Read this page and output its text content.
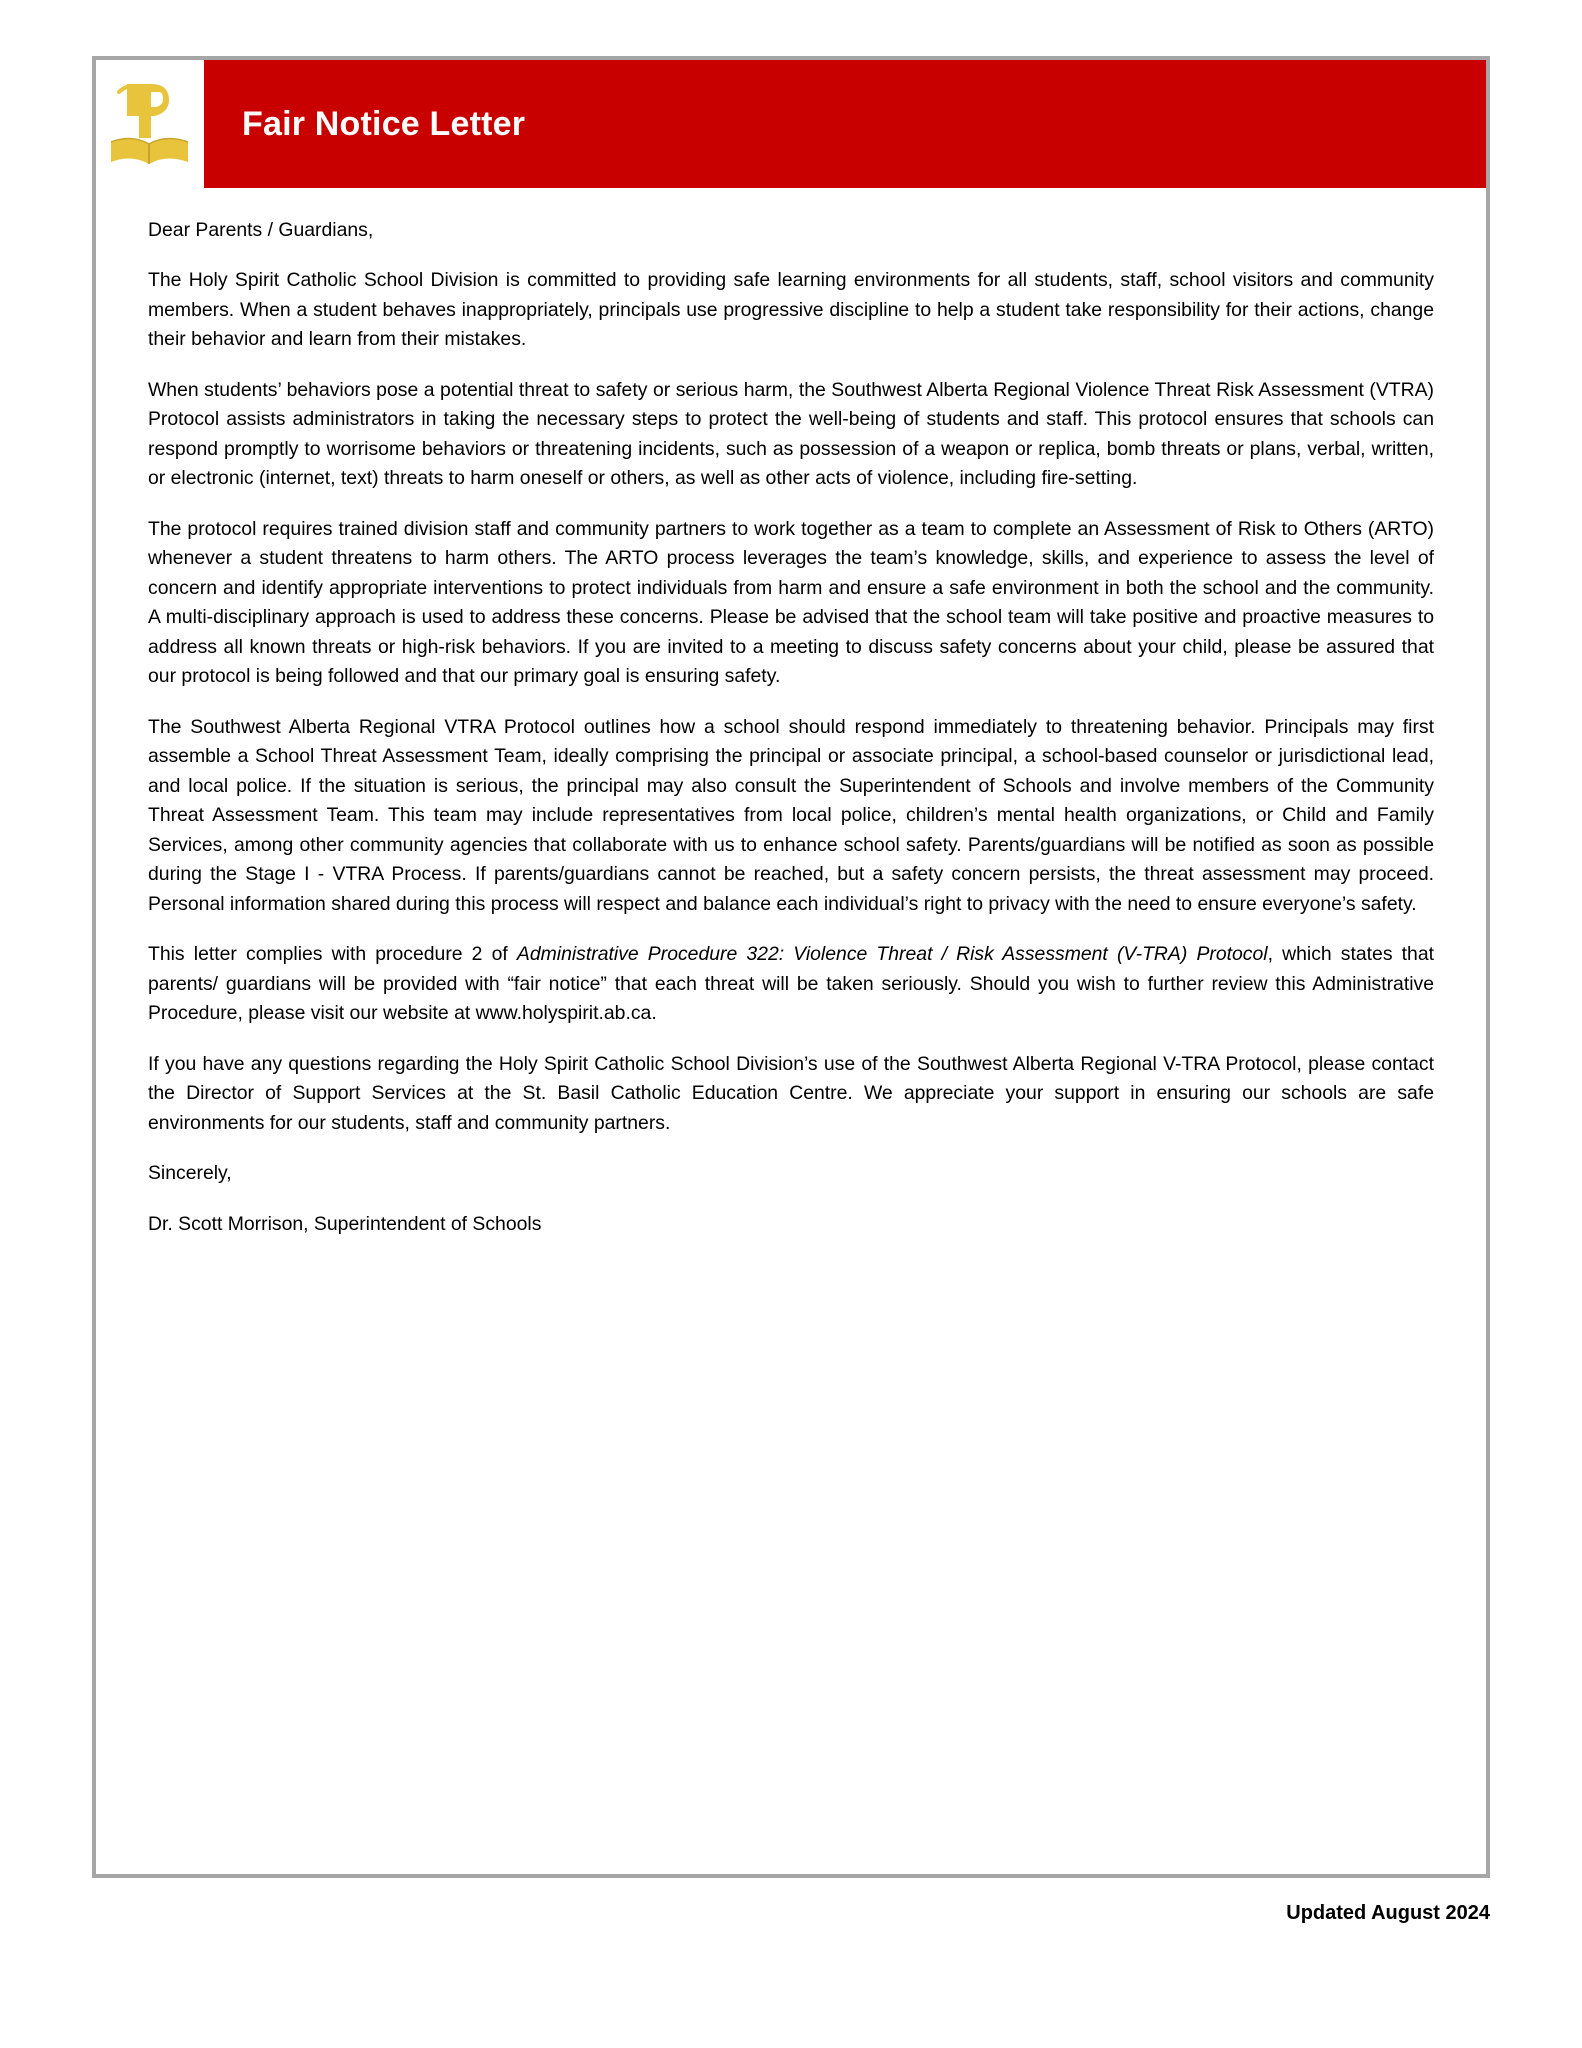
Fair Notice Letter

Dear Parents / Guardians,

The Holy Spirit Catholic School Division is committed to providing safe learning environments for all students, staff, school visitors and community members. When a student behaves inappropriately, principals use progressive discipline to help a student take responsibility for their actions, change their behavior and learn from their mistakes.

When students’ behaviors pose a potential threat to safety or serious harm, the Southwest Alberta Regional Violence Threat Risk Assessment (VTRA) Protocol assists administrators in taking the necessary steps to protect the well-being of students and staff. This protocol ensures that schools can respond promptly to worrisome behaviors or threatening incidents, such as possession of a weapon or replica, bomb threats or plans, verbal, written, or electronic (internet, text) threats to harm oneself or others, as well as other acts of violence, including fire-setting.

The protocol requires trained division staff and community partners to work together as a team to complete an Assessment of Risk to Others (ARTO) whenever a student threatens to harm others. The ARTO process leverages the team’s knowledge, skills, and experience to assess the level of concern and identify appropriate interventions to protect individuals from harm and ensure a safe environment in both the school and the community. A multi-disciplinary approach is used to address these concerns. Please be advised that the school team will take positive and proactive measures to address all known threats or high-risk behaviors. If you are invited to a meeting to discuss safety concerns about your child, please be assured that our protocol is being followed and that our primary goal is ensuring safety.

The Southwest Alberta Regional VTRA Protocol outlines how a school should respond immediately to threatening behavior. Principals may first assemble a School Threat Assessment Team, ideally comprising the principal or associate principal, a school-based counselor or jurisdictional lead, and local police. If the situation is serious, the principal may also consult the Superintendent of Schools and involve members of the Community Threat Assessment Team. This team may include representatives from local police, children’s mental health organizations, or Child and Family Services, among other community agencies that collaborate with us to enhance school safety. Parents/guardians will be notified as soon as possible during the Stage I - VTRA Process. If parents/guardians cannot be reached, but a safety concern persists, the threat assessment may proceed. Personal information shared during this process will respect and balance each individual’s right to privacy with the need to ensure everyone’s safety.

This letter complies with procedure 2 of Administrative Procedure 322: Violence Threat / Risk Assessment (V-TRA) Protocol, which states that parents/ guardians will be provided with “fair notice” that each threat will be taken seriously. Should you wish to further review this Administrative Procedure, please visit our website at www.holyspirit.ab.ca.

If you have any questions regarding the Holy Spirit Catholic School Division’s use of the Southwest Alberta Regional V-TRA Protocol, please contact the Director of Support Services at the St. Basil Catholic Education Centre. We appreciate your support in ensuring our schools are safe environments for our students, staff and community partners.

Sincerely,

Dr. Scott Morrison, Superintendent of Schools

Updated August 2024
